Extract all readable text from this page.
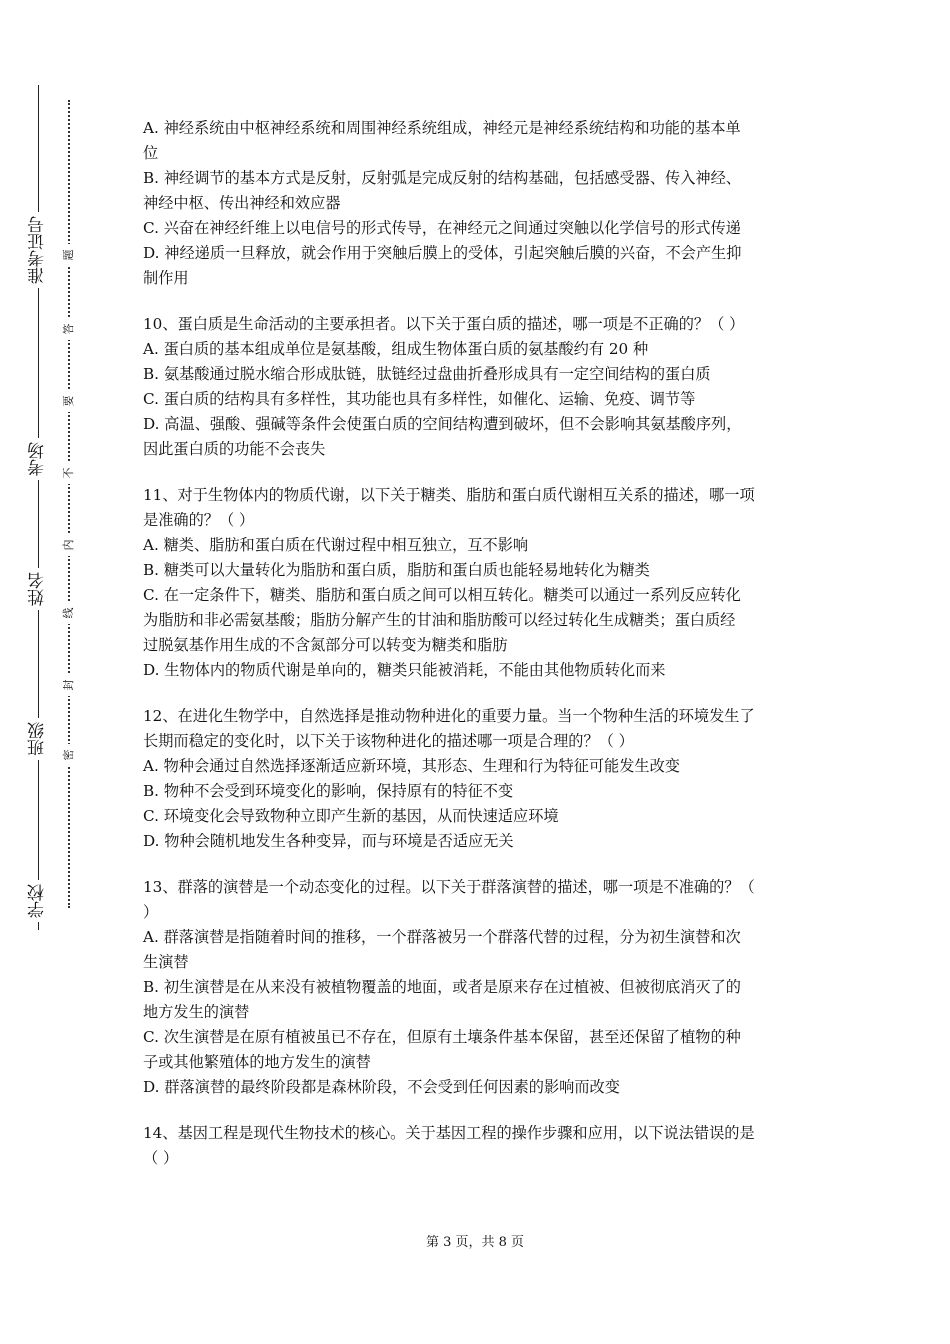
准考证号
考场
姓名
班级
学校
题
答
要
不
内
线
封
密
A. 神经系统由中枢神经系统和周围神经系统组成，神经元是神经系统结构和功能的基本单
位
B. 神经调节的基本方式是反射，反射弧是完成反射的结构基础，包括感受器、传入神经、
神经中枢、传出神经和效应器
C. 兴奋在神经纤维上以电信号的形式传导，在神经元之间通过突触以化学信号的形式传递
D. 神经递质一旦释放，就会作用于突触后膜上的受体，引起突触后膜的兴奋，不会产生抑
制作用
10、蛋白质是生命活动的主要承担者。以下关于蛋白质的描述，哪一项是不正确的？（ ）
A. 蛋白质的基本组成单位是氨基酸，组成生物体蛋白质的氨基酸约有 20 种
B. 氨基酸通过脱水缩合形成肽链，肽链经过盘曲折叠形成具有一定空间结构的蛋白质
C. 蛋白质的结构具有多样性，其功能也具有多样性，如催化、运输、免疫、调节等
D. 高温、强酸、强碱等条件会使蛋白质的空间结构遭到破坏，但不会影响其氨基酸序列，
因此蛋白质的功能不会丧失
11、对于生物体内的物质代谢，以下关于糖类、脂肪和蛋白质代谢相互关系的描述，哪一项
是准确的？（ ）
A. 糖类、脂肪和蛋白质在代谢过程中相互独立，互不影响
B. 糖类可以大量转化为脂肪和蛋白质，脂肪和蛋白质也能轻易地转化为糖类
C. 在一定条件下，糖类、脂肪和蛋白质之间可以相互转化。糖类可以通过一系列反应转化
为脂肪和非必需氨基酸；脂肪分解产生的甘油和脂肪酸可以经过转化生成糖类；蛋白质经
过脱氨基作用生成的不含氮部分可以转变为糖类和脂肪
D. 生物体内的物质代谢是单向的，糖类只能被消耗，不能由其他物质转化而来
12、在进化生物学中，自然选择是推动物种进化的重要力量。当一个物种生活的环境发生了
长期而稳定的变化时，以下关于该物种进化的描述哪一项是合理的？（ ）
A. 物种会通过自然选择逐渐适应新环境，其形态、生理和行为特征可能发生改变
B. 物种不会受到环境变化的影响，保持原有的特征不变
C. 环境变化会导致物种立即产生新的基因，从而快速适应环境
D. 物种会随机地发生各种变异，而与环境是否适应无关
13、群落的演替是一个动态变化的过程。以下关于群落演替的描述，哪一项是不准确的？（
）
A. 群落演替是指随着时间的推移，一个群落被另一个群落代替的过程，分为初生演替和次
生演替
B. 初生演替是在从来没有被植物覆盖的地面，或者是原来存在过植被、但被彻底消灭了的
地方发生的演替
C. 次生演替是在原有植被虽已不存在，但原有土壤条件基本保留，甚至还保留了植物的种
子或其他繁殖体的地方发生的演替
D. 群落演替的最终阶段都是森林阶段，不会受到任何因素的影响而改变
14、基因工程是现代生物技术的核心。关于基因工程的操作步骤和应用，以下说法错误的是
（ ）
第 3 页，共 8 页
